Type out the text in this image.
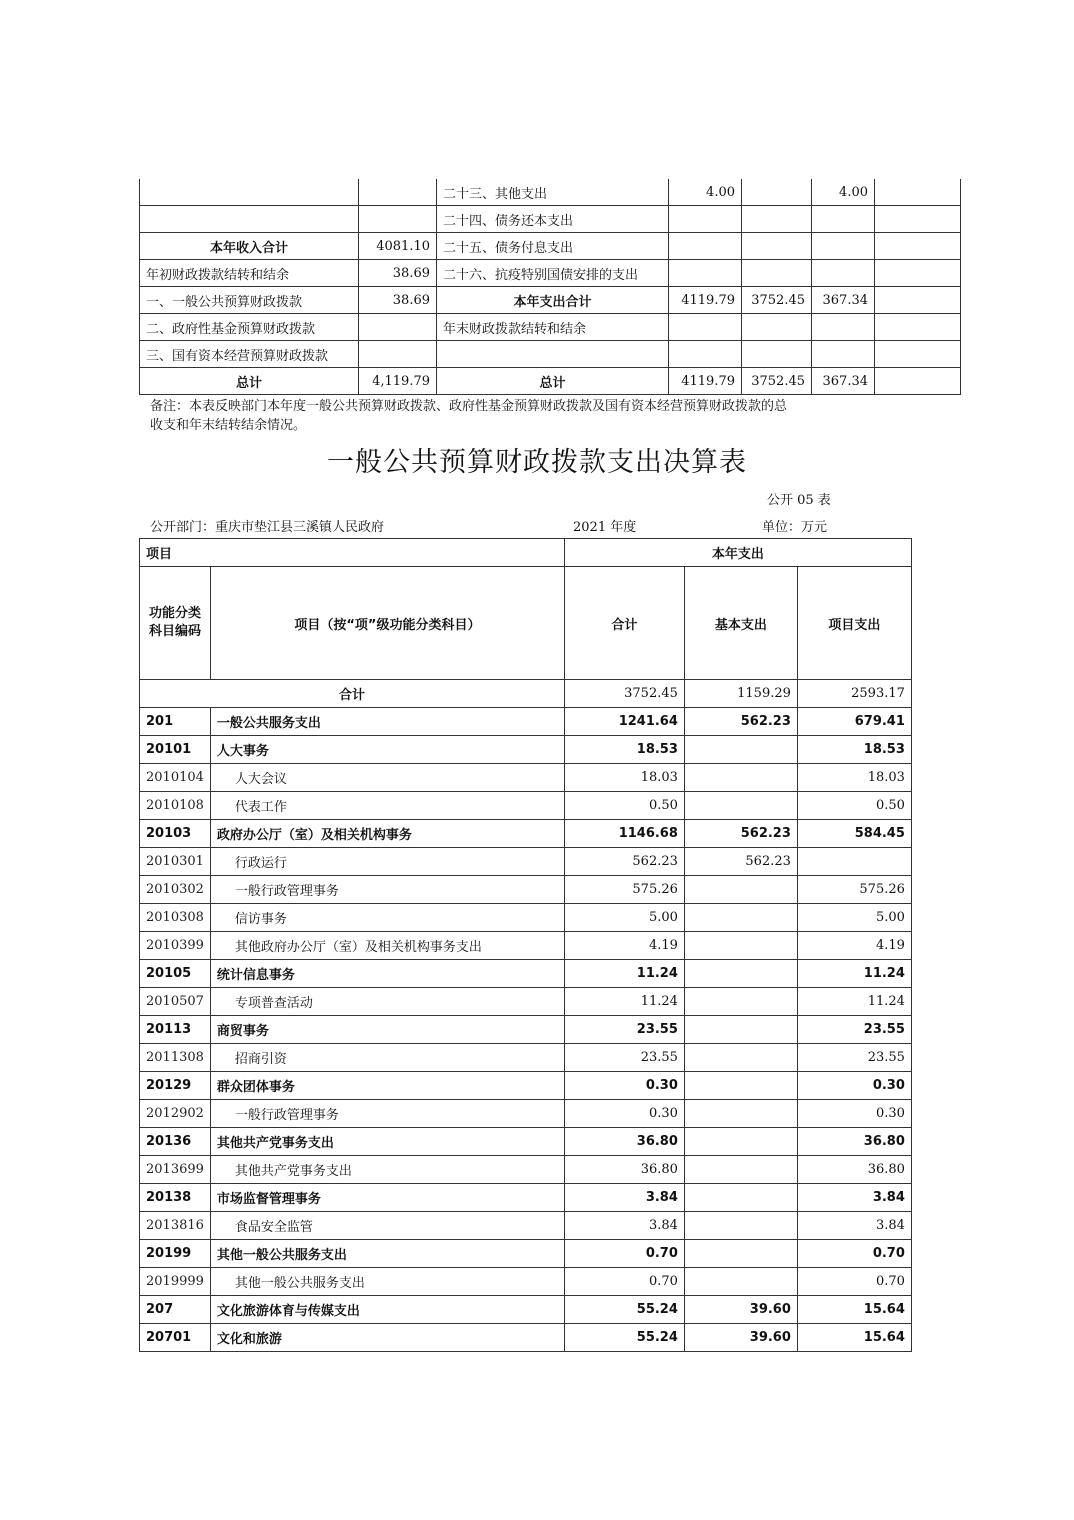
		二十三、其他支出	4.00		4.00	
		二十四、债务还本支出				
本年收入合计	4081.10	二十五、债务付息支出				
年初财政拨款结转和结余	38.69	二十六、抗疫特别国债安排的支出				
一、一般公共预算财政拨款	38.69	本年支出合计	4119.79	3752.45	367.34	
二、政府性基金预算财政拨款		年末财政拨款结转和结余				
三、国有资本经营预算财政拨款						
总计	4,119.79	总计	4119.79	3752.45	367.34	
备注：本表反映部门本年度一般公共预算财政拨款、政府性基金预算财政拨款及国有资本经营预算财政拨款的总
收支和年末结转结余情况。
一般公共预算财政拨款支出决算表
公开 05 表
公开部门：重庆市垫江县三溪镇人民政府	2021 年度	单位：万元
项目		本年支出		
功能分类科目编码	项目（按“项”级功能分类科目）	合计	基本支出	项目支出
合计		3752.45	1159.29	2593.17
201	一般公共服务支出	1241.64	562.23	679.41
20101	人大事务	18.53		18.53
2010104	人大会议	18.03		18.03
2010108	代表工作	0.50		0.50
20103	政府办公厅（室）及相关机构事务	1146.68	562.23	584.45
2010301	行政运行	562.23	562.23	
2010302	一般行政管理事务	575.26		575.26
2010308	信访事务	5.00		5.00
2010399	其他政府办公厅（室）及相关机构事务支出	4.19		4.19
20105	统计信息事务	11.24		11.24
2010507	专项普查活动	11.24		11.24
20113	商贸事务	23.55		23.55
2011308	招商引资	23.55		23.55
20129	群众团体事务	0.30		0.30
2012902	一般行政管理事务	0.30		0.30
20136	其他共产党事务支出	36.80		36.80
2013699	其他共产党事务支出	36.80		36.80
20138	市场监督管理事务	3.84		3.84
2013816	食品安全监管	3.84		3.84
20199	其他一般公共服务支出	0.70		0.70
2019999	其他一般公共服务支出	0.70		0.70
207	文化旅游体育与传媒支出	55.24	39.60	15.64
20701	文化和旅游	55.24	39.60	15.64
